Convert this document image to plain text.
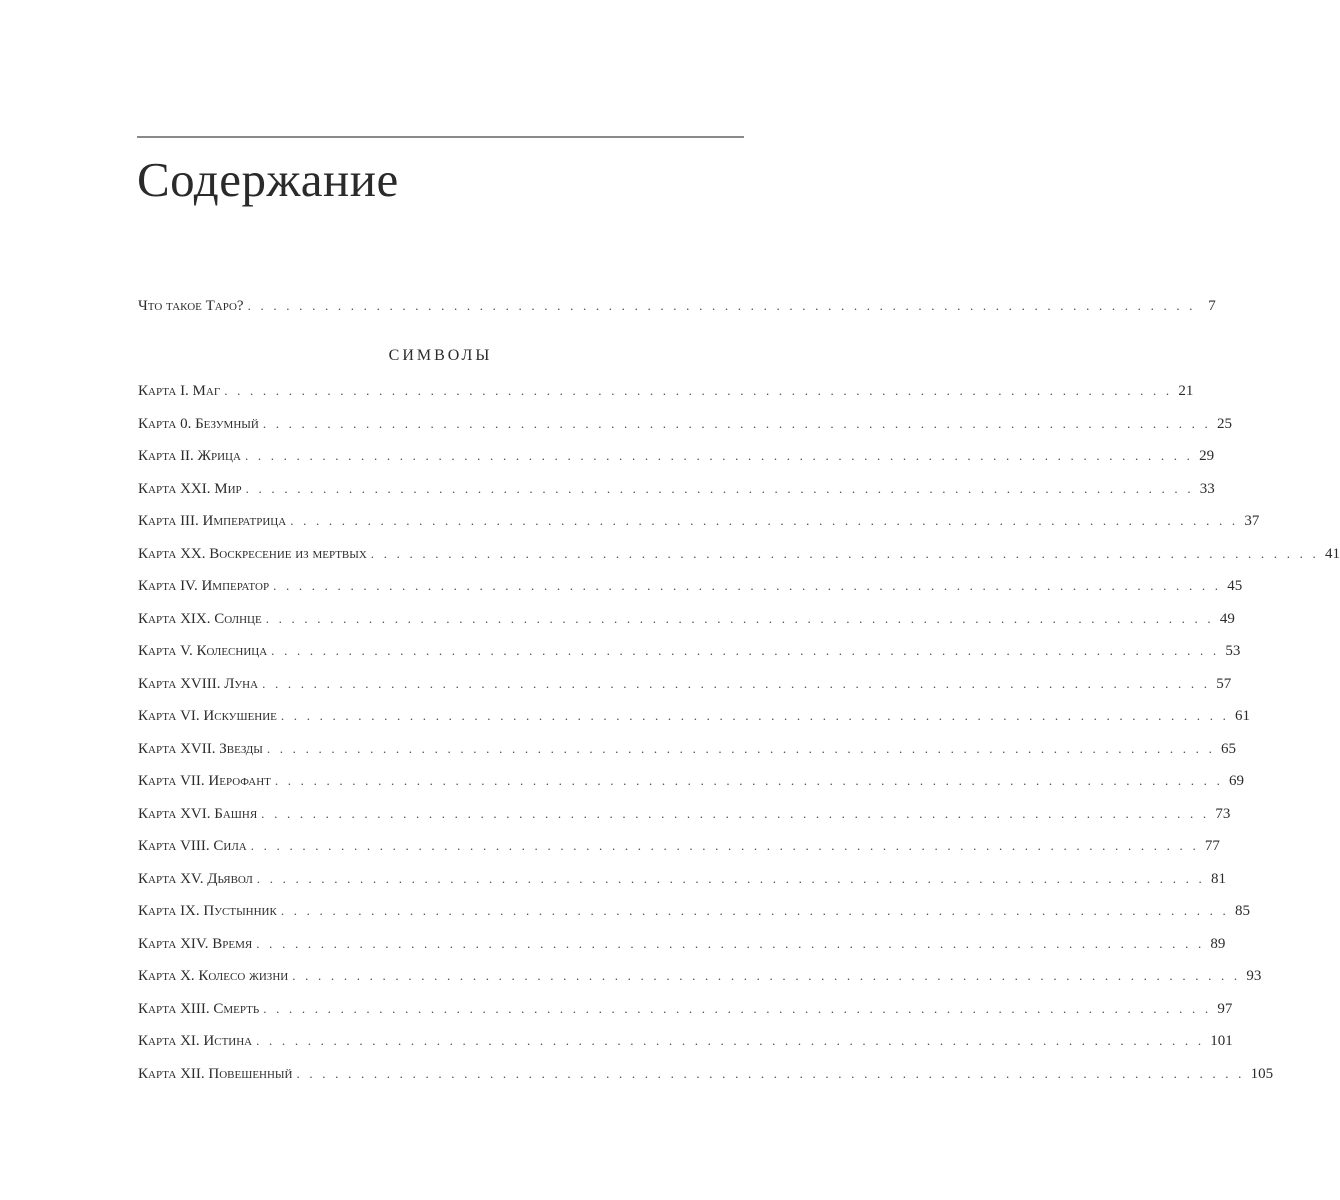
Содержание
Что такое Таро? . . . . . . . . . . . . . . . . . . . . . . . . . . . . . . . . . . . . . . . . . . . . . . . . . . . . . . . . . . . . . . . . . . . . . . . . . . 7
СИМВОЛЫ
Карта I. Маг . . . . . . . . . . . . . . . . . . . . . . . . . . . . . . . . . . . . . . . . . . . . . . . . . . . . . . . . . . . . . . . . . . . . . . . . . . 21
Карта 0. Безумный . . . . . . . . . . . . . . . . . . . . . . . . . . . . . . . . . . . . . . . . . . . . . . . . . . . . . . . . . . . . . . . . . . . . . . . . . . 25
Карта II. Жрица . . . . . . . . . . . . . . . . . . . . . . . . . . . . . . . . . . . . . . . . . . . . . . . . . . . . . . . . . . . . . . . . . . . . . . . . . . 29
Карта XXI. Мир . . . . . . . . . . . . . . . . . . . . . . . . . . . . . . . . . . . . . . . . . . . . . . . . . . . . . . . . . . . . . . . . . . . . . . . . . . 33
Карта III. Императрица . . . . . . . . . . . . . . . . . . . . . . . . . . . . . . . . . . . . . . . . . . . . . . . . . . . . . . . . . . . . . . . . . . . . . . . . . . 37
Карта XX. Воскресение из мертвых . . . . . . . . . . . . . . . . . . . . . . . . . . . . . . . . . . . . . . . . . . . . . . . . . . . . . . . . . . . . . . . . . . . . . . . . . . 41
Карта IV. Император . . . . . . . . . . . . . . . . . . . . . . . . . . . . . . . . . . . . . . . . . . . . . . . . . . . . . . . . . . . . . . . . . . . . . . . . . . 45
Карта XIX. Солнце . . . . . . . . . . . . . . . . . . . . . . . . . . . . . . . . . . . . . . . . . . . . . . . . . . . . . . . . . . . . . . . . . . . . . . . . . . 49
Карта V. Колесница . . . . . . . . . . . . . . . . . . . . . . . . . . . . . . . . . . . . . . . . . . . . . . . . . . . . . . . . . . . . . . . . . . . . . . . . . . 53
Карта XVIII. Луна . . . . . . . . . . . . . . . . . . . . . . . . . . . . . . . . . . . . . . . . . . . . . . . . . . . . . . . . . . . . . . . . . . . . . . . . . . 57
Карта VI. Искушение . . . . . . . . . . . . . . . . . . . . . . . . . . . . . . . . . . . . . . . . . . . . . . . . . . . . . . . . . . . . . . . . . . . . . . . . . . 61
Карта XVII. Звезды . . . . . . . . . . . . . . . . . . . . . . . . . . . . . . . . . . . . . . . . . . . . . . . . . . . . . . . . . . . . . . . . . . . . . . . . . . 65
Карта VII. Иерофант . . . . . . . . . . . . . . . . . . . . . . . . . . . . . . . . . . . . . . . . . . . . . . . . . . . . . . . . . . . . . . . . . . . . . . . . . . 69
Карта XVI. Башня . . . . . . . . . . . . . . . . . . . . . . . . . . . . . . . . . . . . . . . . . . . . . . . . . . . . . . . . . . . . . . . . . . . . . . . . . . 73
Карта VIII. Сила . . . . . . . . . . . . . . . . . . . . . . . . . . . . . . . . . . . . . . . . . . . . . . . . . . . . . . . . . . . . . . . . . . . . . . . . . . 77
Карта XV. Дьявол . . . . . . . . . . . . . . . . . . . . . . . . . . . . . . . . . . . . . . . . . . . . . . . . . . . . . . . . . . . . . . . . . . . . . . . . . . 81
Карта IX. Пустынник . . . . . . . . . . . . . . . . . . . . . . . . . . . . . . . . . . . . . . . . . . . . . . . . . . . . . . . . . . . . . . . . . . . . . . . . . . 85
Карта XIV. Время . . . . . . . . . . . . . . . . . . . . . . . . . . . . . . . . . . . . . . . . . . . . . . . . . . . . . . . . . . . . . . . . . . . . . . . . . . 89
Карта X. Колесо жизни . . . . . . . . . . . . . . . . . . . . . . . . . . . . . . . . . . . . . . . . . . . . . . . . . . . . . . . . . . . . . . . . . . . . . . . . . . 93
Карта XIII. Смерть . . . . . . . . . . . . . . . . . . . . . . . . . . . . . . . . . . . . . . . . . . . . . . . . . . . . . . . . . . . . . . . . . . . . . . . . . . 97
Карта XI. Истина . . . . . . . . . . . . . . . . . . . . . . . . . . . . . . . . . . . . . . . . . . . . . . . . . . . . . . . . . . . . . . . . . . . . . . . . . . 101
Карта XII. Повешенный . . . . . . . . . . . . . . . . . . . . . . . . . . . . . . . . . . . . . . . . . . . . . . . . . . . . . . . . . . . . . . . . . . . . . . . . . . 105
